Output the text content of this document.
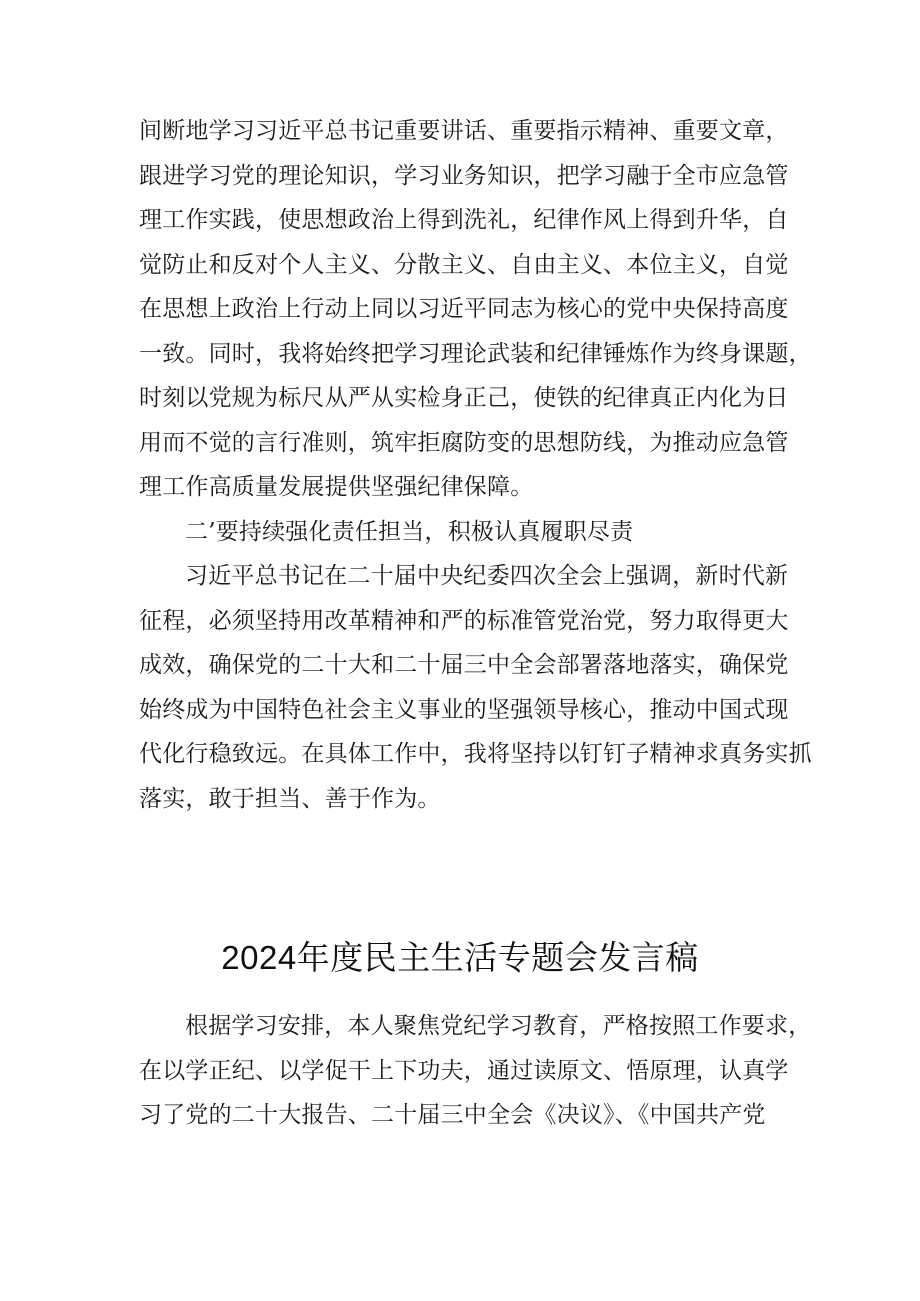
间断地学习习近平总书记重要讲话、重要指示精神、重要文章，
跟进学习党的理论知识，学习业务知识，把学习融于全市应急管
理工作实践，使思想政治上得到洗礼，纪律作风上得到升华，自
觉防止和反对个人主义、分散主义、自由主义、本位主义，自觉
在思想上政治上行动上同以习近平同志为核心的党中央保持高度
一致。同时，我将始终把学习理论武装和纪律锤炼作为终身课题，
时刻以党规为标尺从严从实检身正己，使铁的纪律真正内化为日
用而不觉的言行准则，筑牢拒腐防变的思想防线，为推动应急管
理工作高质量发展提供坚强纪律保障。
二’要持续强化责任担当，积极认真履职尽责
习近平总书记在二十届中央纪委四次全会上强调，新时代新
征程，必须坚持用改革精神和严的标准管党治党，努力取得更大
成效，确保党的二十大和二十届三中全会部署落地落实，确保党
始终成为中国特色社会主义事业的坚强领导核心，推动中国式现
代化行稳致远。在具体工作中，我将坚持以钉钉子精神求真务实抓
落实，敢于担当、善于作为。
2024年度民主生活专题会发言稿
根据学习安排，本人聚焦党纪学习教育，严格按照工作要求，
在以学正纪、以学促干上下功夫，通过读原文、悟原理，认真学
习了党的二十大报告、二十届三中全会《决议》、《中国共产党
